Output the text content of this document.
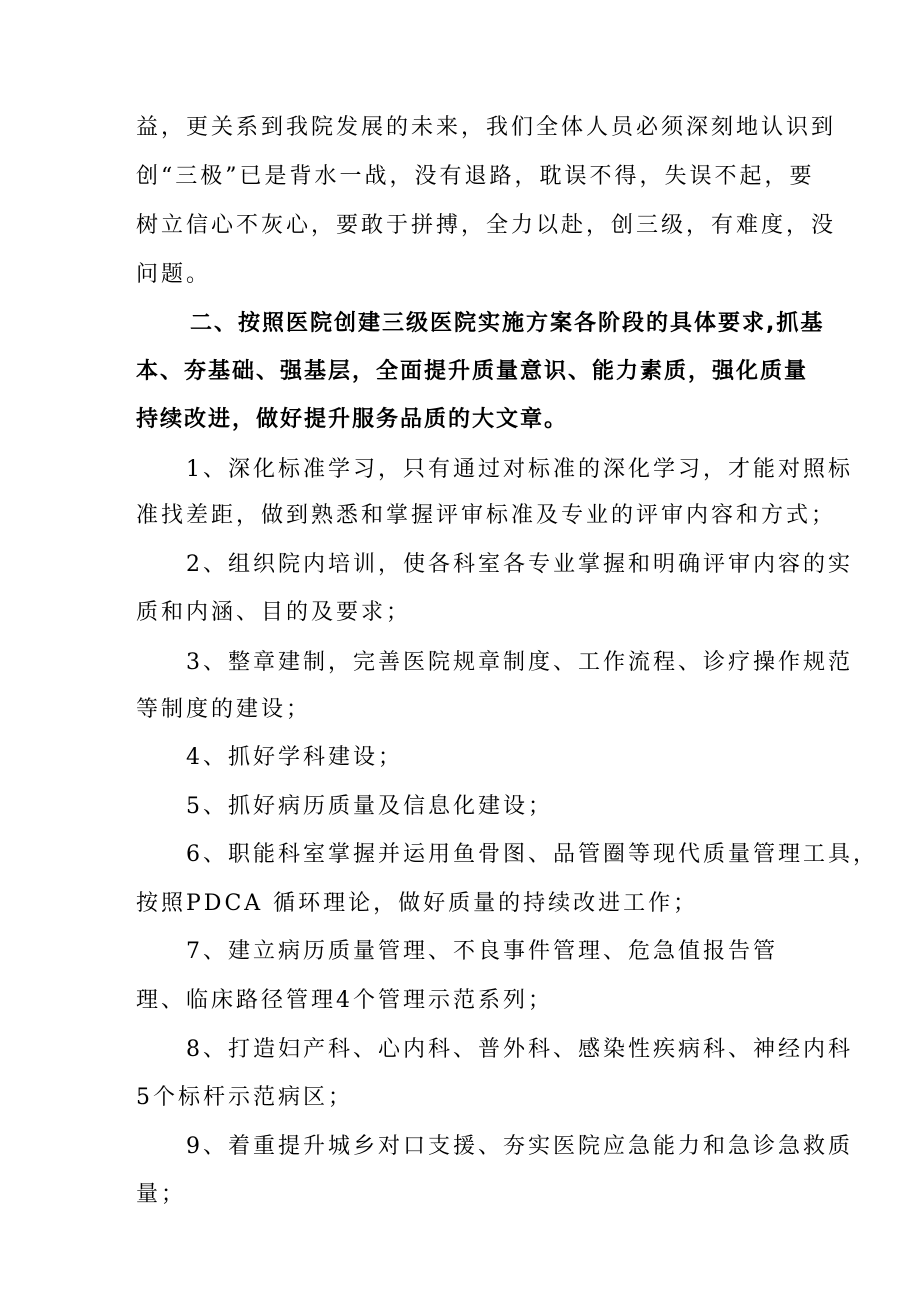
益，更关系到我院发展的未来，我们全体人员必须深刻地认识到
创“三极”已是背水一战，没有退路，耽误不得，失误不起，要
树立信心不灰心，要敢于拼搏，全力以赴，创三级，有难度，没
问题。
二、按照医院创建三级医院实施方案各阶段的具体要求,抓基
本、夯基础、强基层，全面提升质量意识、能力素质，强化质量
持续改进，做好提升服务品质的大文章。
1、深化标准学习，只有通过对标准的深化学习，才能对照标
准找差距，做到熟悉和掌握评审标准及专业的评审内容和方式；
2、组织院内培训，使各科室各专业掌握和明确评审内容的实
质和内涵、目的及要求；
3、整章建制，完善医院规章制度、工作流程、诊疗操作规范
等制度的建设；
4、抓好学科建设；
5、抓好病历质量及信息化建设；
6、职能科室掌握并运用鱼骨图、品管圈等现代质量管理工具，
按照PDCA 循环理论，做好质量的持续改进工作；
7、建立病历质量管理、不良事件管理、危急值报告管
理、临床路径管理4个管理示范系列；
8、打造妇产科、心内科、普外科、感染性疾病科、神经内科
5个标杆示范病区；
9、着重提升城乡对口支援、夯实医院应急能力和急诊急救质
量；
